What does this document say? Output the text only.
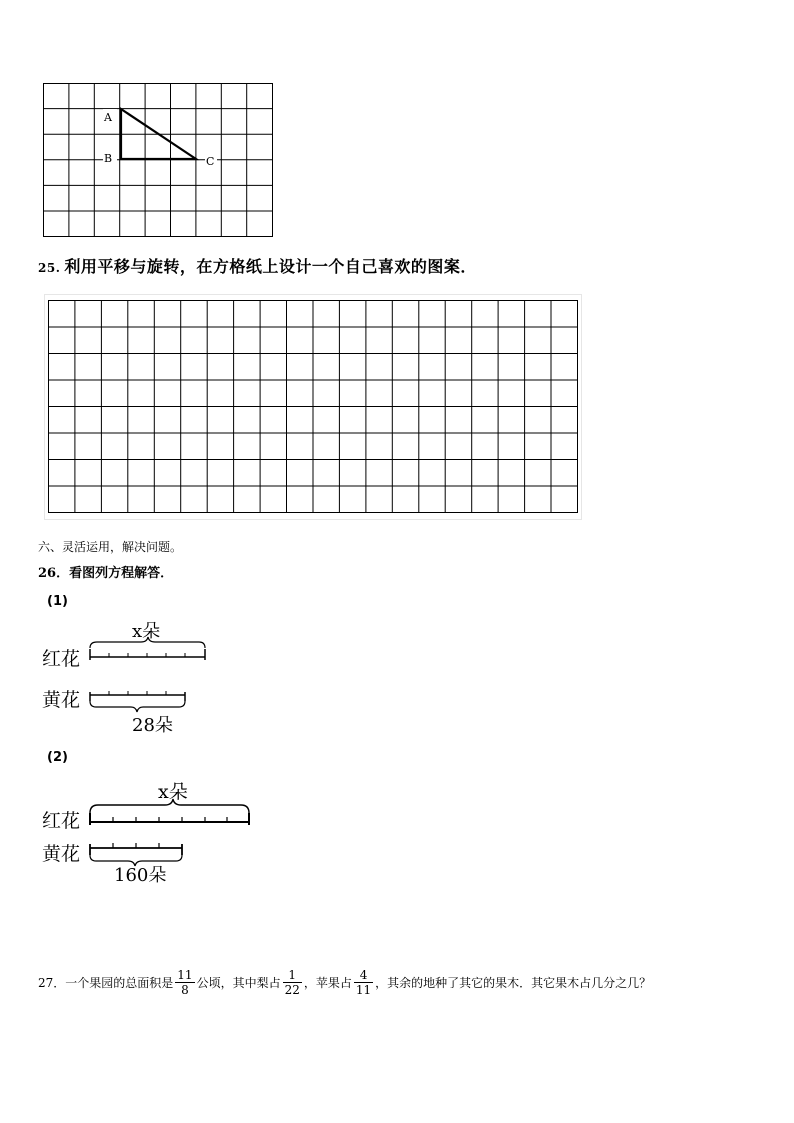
A
B	C
25. 利用平移与旋转，在方格纸上设计一个自己喜欢的图案．
六、灵活运用，解决问题。
26．看图列方程解答．
(1)
x朵
红花
黄花
28朵
(2)
x朵
红花
黄花
160朵
27． 一个果园的总面积是 $\frac{11}{8}$ 公顷，其中梨占 $\frac{1}{22}$ ，苹果占 $\frac{4}{11}$ ，其余的地种了其它的果木．其它果木占几分之几？
